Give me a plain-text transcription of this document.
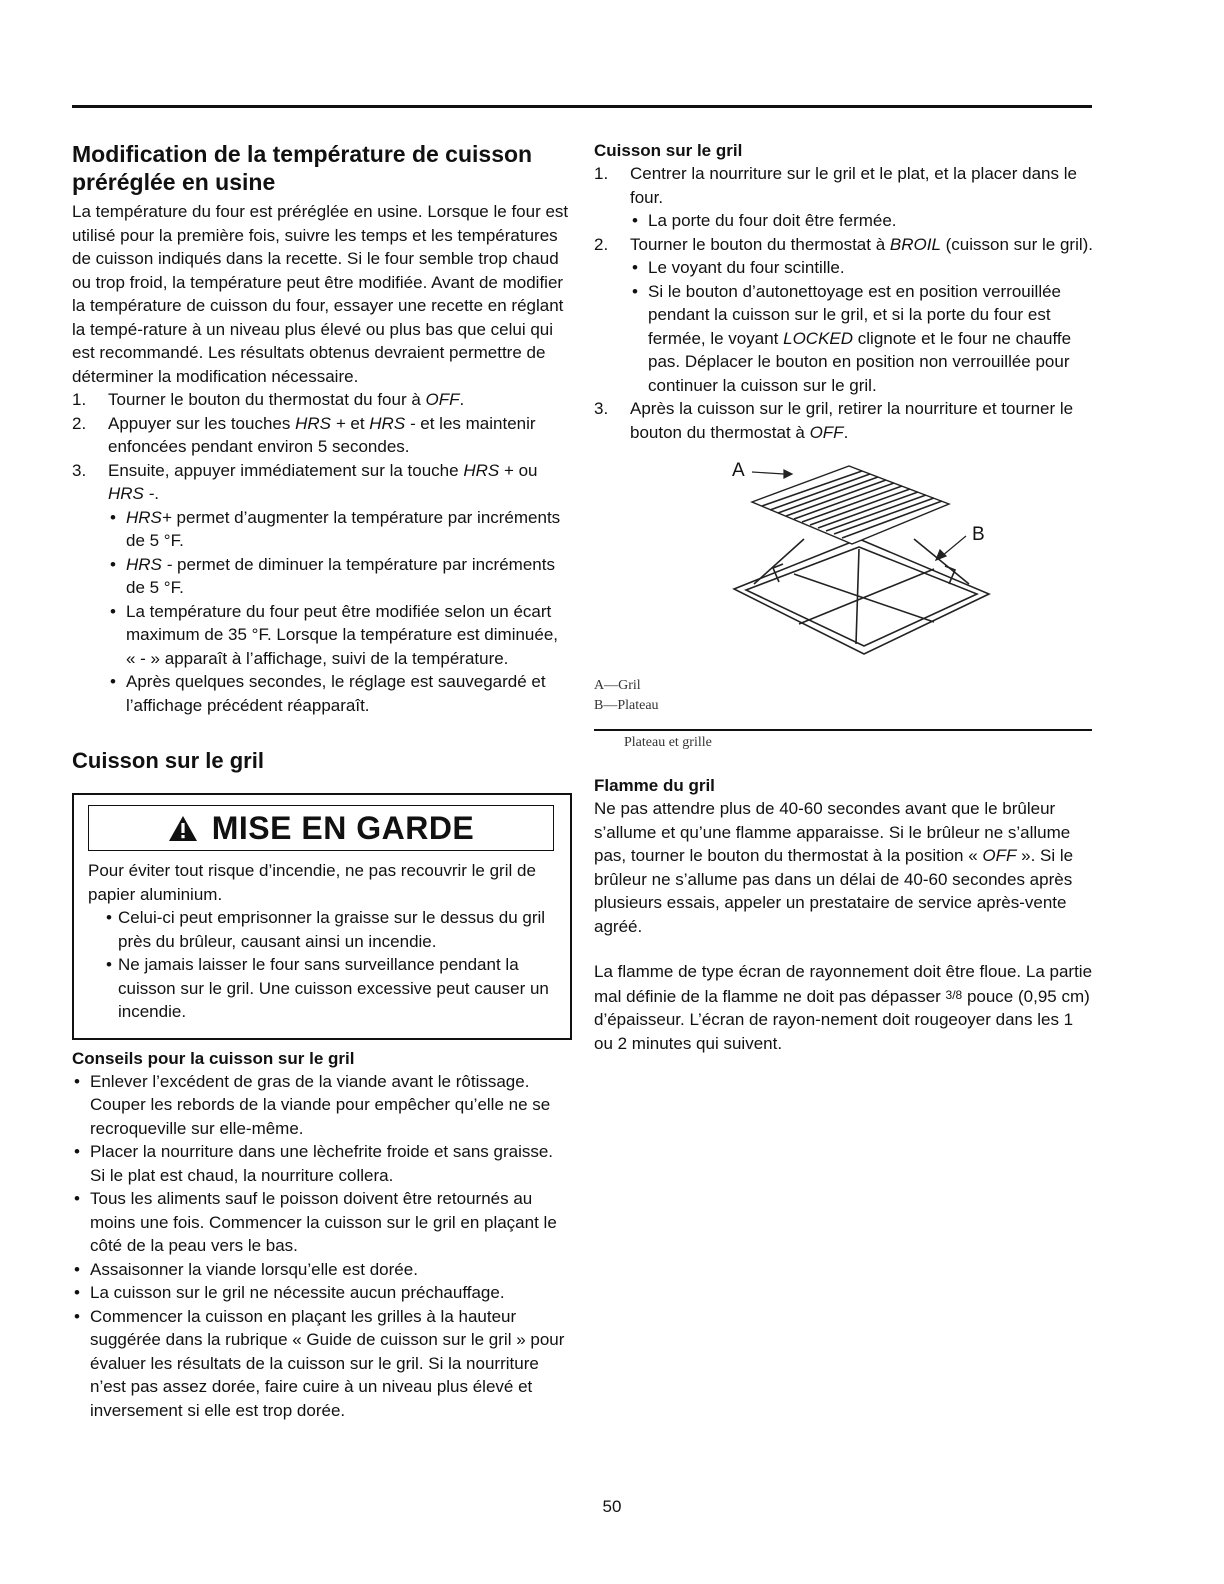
Modification de la température de cuisson préréglée en usine

La température du four est préréglée en usine. Lorsque le four est utilisé pour la première fois, suivre les temps et les températures de cuisson indiqués dans la recette. Si le four semble trop chaud ou trop froid, la température peut être modifiée. Avant de modifier la température de cuisson du four, essayer une recette en réglant la tempé-rature à un niveau plus élevé ou plus bas que celui qui est recommandé. Les résultats obtenus devraient permettre de déterminer la modification nécessaire.

1. Tourner le bouton du thermostat du four à OFF.
2. Appuyer sur les touches HRS + et HRS - et les maintenir enfoncées pendant environ 5 secondes.
3. Ensuite, appuyer immédiatement sur la touche HRS + ou HRS -.
• HRS+ permet d’augmenter la température par incréments de 5 °F.
• HRS - permet de diminuer la température par incréments de 5 °F.
• La température du four peut être modifiée selon un écart maximum de 35 °F. Lorsque la température est diminuée, « - » apparaît à l’affichage, suivi de la température.
• Après quelques secondes, le réglage est sauvegardé et l’affichage précédent réapparaît.
Cuisson sur le gril
MISE EN GARDE

Pour éviter tout risque d’incendie, ne pas recouvrir le gril de papier aluminium.

• Celui-ci peut emprisonner la graisse sur le dessus du gril près du brûleur, causant ainsi un incendie.
• Ne jamais laisser le four sans surveillance pendant la cuisson sur le gril. Une cuisson excessive peut causer un incendie.
Conseils pour la cuisson sur le gril
• Enlever l’excédent de gras de la viande avant le rôtissage. Couper les rebords de la viande pour empêcher qu’elle ne se recroqueville sur elle-même.
• Placer la nourriture dans une lèchefrite froide et sans graisse. Si le plat est chaud, la nourriture collera.
• Tous les aliments sauf le poisson doivent être retournés au moins une fois. Commencer la cuisson sur le gril en plaçant le côté de la peau vers le bas.
• Assaisonner la viande lorsqu’elle est dorée.
• La cuisson sur le gril ne nécessite aucun préchauffage.
• Commencer la cuisson en plaçant les grilles à la hauteur suggérée dans la rubrique « Guide de cuisson sur le gril » pour évaluer les résultats de la cuisson sur le gril. Si la nourriture n’est pas assez dorée, faire cuire à un niveau plus élevé et inversement si elle est trop dorée.
Cuisson sur le gril
1. Centrer la nourriture sur le gril et le plat, et la placer dans le four.
• La porte du four doit être fermée.
2. Tourner le bouton du thermostat à BROIL (cuisson sur le gril).
• Le voyant du four scintille.
• Si le bouton d’autonettoyage est en position verrouillée pendant la cuisson sur le gril, et si la porte du four est fermée, le voyant LOCKED clignote et le four ne chauffe pas. Déplacer le bouton en position non verrouillée pour continuer la cuisson sur le gril.
3. Après la cuisson sur le gril, retirer la nourriture et tourner le bouton du thermostat à OFF.
A
B
A—Gril
B—Plateau
Plateau et grille
Flamme du gril

Ne pas attendre plus de 40-60 secondes avant que le brûleur s’allume et qu’une flamme apparaisse. Si le brûleur ne s’allume pas, tourner le bouton du thermostat à la position « OFF ». Si le brûleur ne s’allume pas dans un délai de 40-60 secondes après plusieurs essais, appeler un prestataire de service après-vente agréé.

La flamme de type écran de rayonnement doit être floue. La partie mal définie de la flamme ne doit pas dépasser 3/8 pouce (0,95 cm) d’épaisseur. L’écran de rayon-nement doit rougeoyer dans les 1 ou 2 minutes qui suivent.

50
